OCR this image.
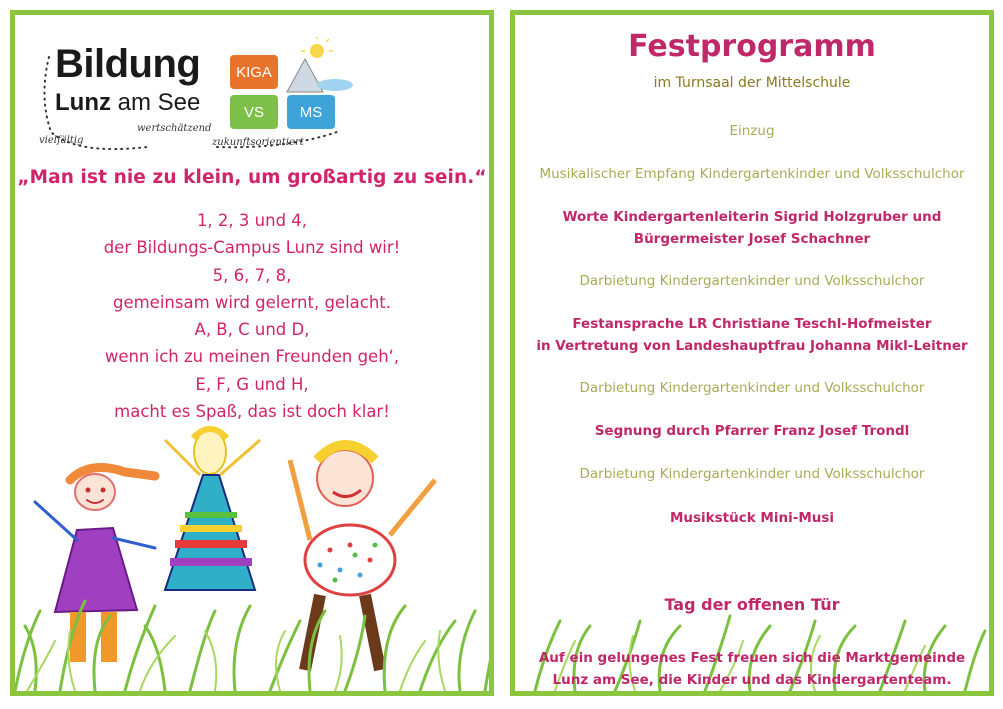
Bildung
Lunz am See
vielfältig
wertschätzend
zukunftsorientiert
KIGA
VS	MS
„Man ist nie zu klein, um großartig zu sein.“
1, 2, 3 und 4,
der Bildungs-Campus Lunz sind wir!
5, 6, 7, 8,
gemeinsam wird gelernt, gelacht.
A, B, C und D,
wenn ich zu meinen Freunden geh‘,
E, F, G und H,
macht es Spaß, das ist doch klar!
Festprogramm
im Turnsaal der Mittelschule
Einzug
Musikalischer Empfang Kindergartenkinder und Volksschulchor
Worte Kindergartenleiterin Sigrid Holzgruber und
Bürgermeister Josef Schachner
Darbietung Kindergartenkinder und Volksschulchor
Festansprache LR Christiane Teschl-Hofmeister
in Vertretung von Landeshauptfrau Johanna Mikl-Leitner
Darbietung Kindergartenkinder und Volksschulchor
Segnung durch Pfarrer Franz Josef Trondl
Darbietung Kindergartenkinder und Volksschulchor
Musikstück Mini-Musi
Tag der offenen Tür
Auf ein gelungenes Fest freuen sich die Marktgemeinde
Lunz am See, die Kinder und das Kindergartenteam.
